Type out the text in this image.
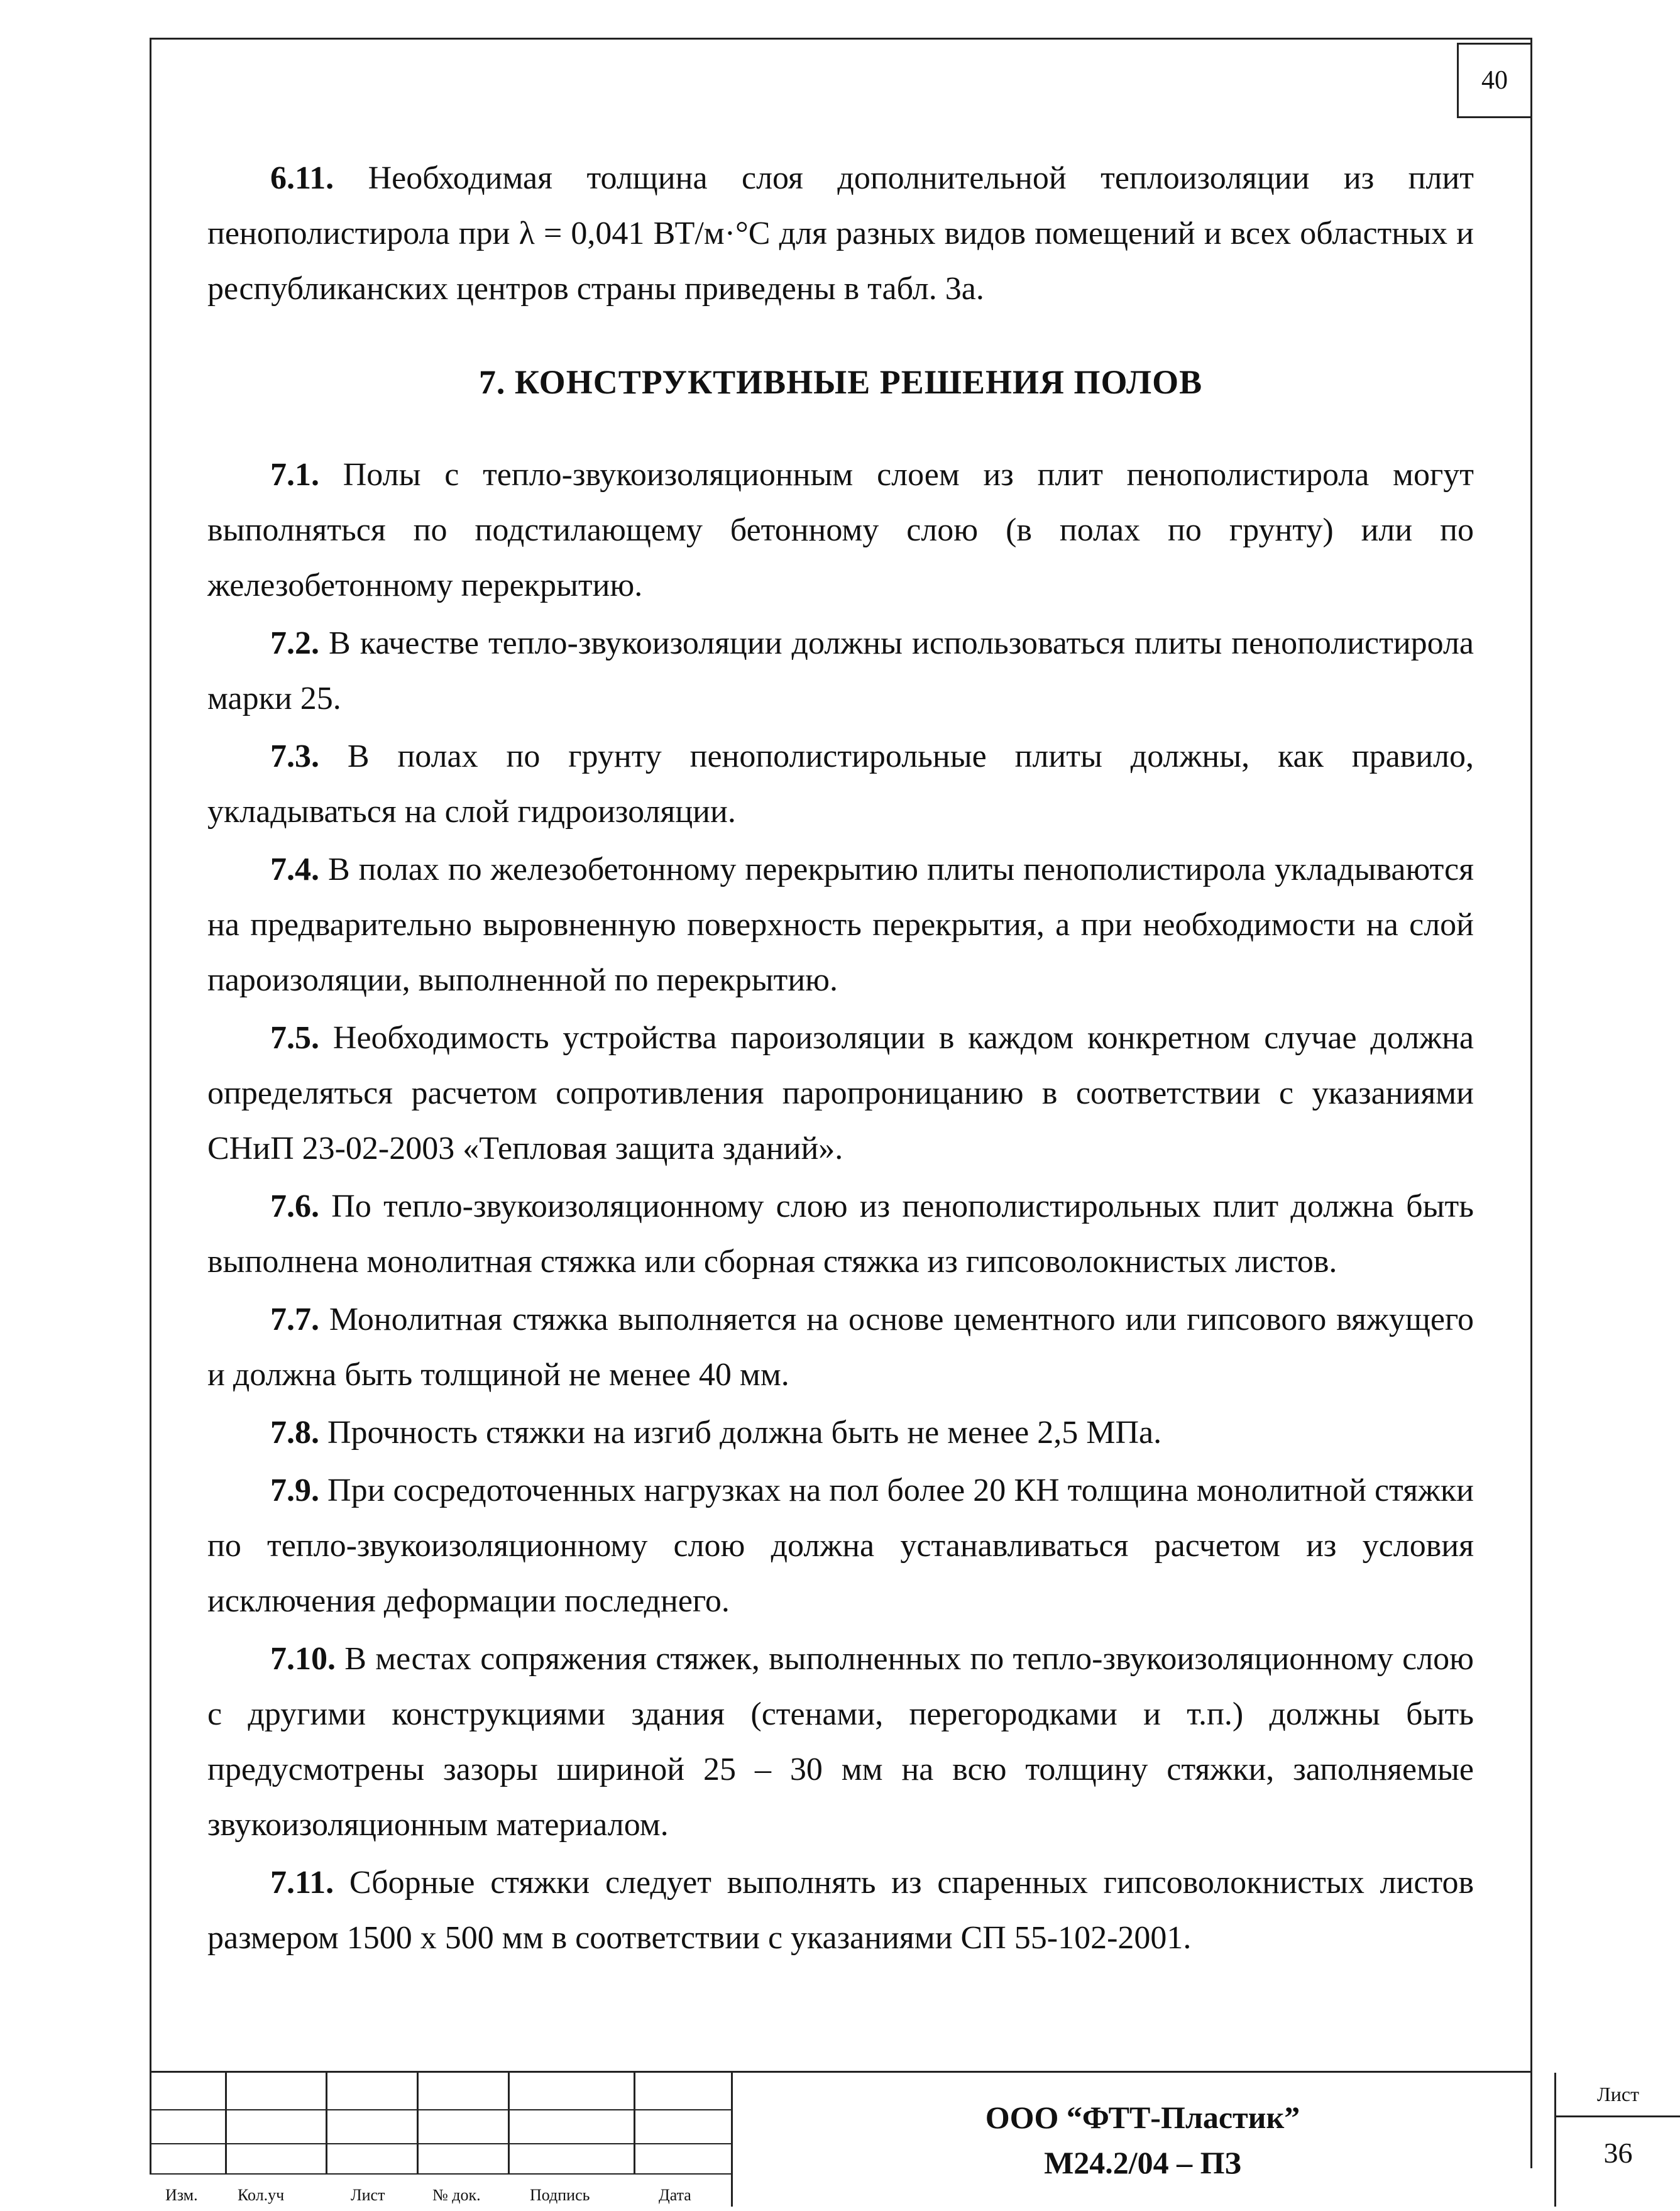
40

6.11. Необходимая толщина слоя дополнительной теплоизоляции из плит пенополистирола при λ = 0,041 ВТ/м·°С для разных видов помещений и всех областных и республиканских центров страны приведены в табл. 3а.

7. КОНСТРУКТИВНЫЕ РЕШЕНИЯ ПОЛОВ

7.1. Полы с тепло-звукоизоляционным слоем из плит пенополистирола могут выполняться по подстилающему бетонному слою (в полах по грунту) или по железобетонному перекрытию.

7.2. В качестве тепло-звукоизоляции должны использоваться плиты пенополистирола марки 25.

7.3. В полах по грунту пенополистирольные плиты должны, как правило, укладываться на слой гидроизоляции.

7.4. В полах по железобетонному перекрытию плиты пенополистирола укладываются на предварительно выровненную поверхность перекрытия, а при необходимости на слой пароизоляции, выполненной по перекрытию.

7.5. Необходимость устройства пароизоляции в каждом конкретном случае должна определяться расчетом сопротивления паропроницанию в соответствии с указаниями СНиП 23-02-2003 «Тепловая защита зданий».

7.6. По тепло-звукоизоляционному слою из пенополистирольных плит должна быть выполнена монолитная стяжка или сборная стяжка из гипсоволокнистых листов.

7.7. Монолитная стяжка выполняется на основе цементного или гипсового вяжущего и должна быть толщиной не менее 40 мм.

7.8. Прочность стяжки на изгиб должна быть не менее 2,5 МПа.

7.9. При сосредоточенных нагрузках на пол более 20 КН толщина монолитной стяжки по тепло-звукоизоляционному слою должна устанавливаться расчетом из условия исключения деформации последнего.

7.10. В местах сопряжения стяжек, выполненных по тепло-звукоизоляционному слою с другими конструкциями здания (стенами, перегородками и т.п.) должны быть предусмотрены зазоры шириной 25 – 30 мм на всю толщину стяжки, заполняемые звукоизоляционным материалом.

7.11. Сборные стяжки следует выполнять из спаренных гипсоволокнистых листов размером 1500 х 500 мм в соответствии с указаниями СП 55-102-2001.

Изм. Кол.уч	Лист	№ док.	Подпись	Дата
ООО “ФТТ-Пластик”
М24.2/04 – ПЗ
Лист
36
